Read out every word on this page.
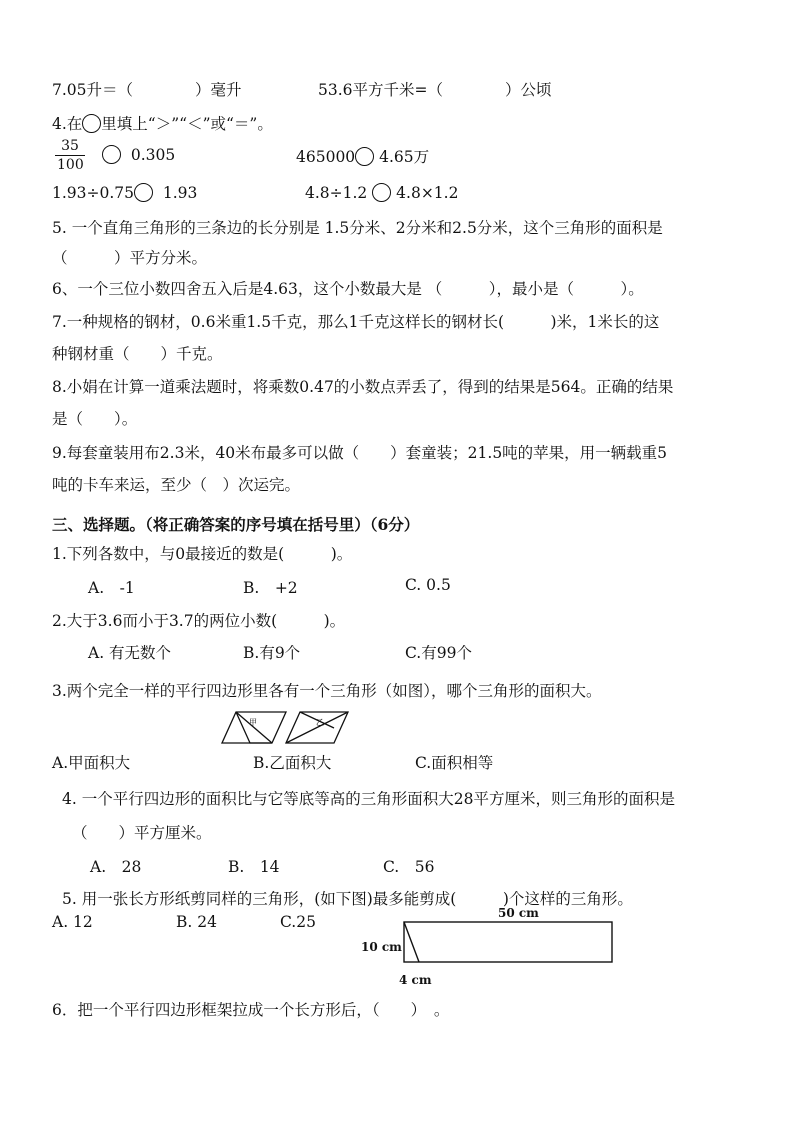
7.05升＝（　　　　）毫升	53.6平方千米=（　　　　）公顷
4.在 里填上“＞”“＜”或“＝”。
35
100
0.305	465000 4.65万
1.93÷0.75 1.93	4.8÷1.2 4.8×1.2
5. 一个直角三角形的三条边的长分别是 1.5分米、2分米和2.5分米，这个三角形的面积是
（　　　）平方分米。
6、一个三位小数四舍五入后是4.63，这个小数最大是 （　　　），最小是（　　　）。
7.一种规格的钢材，0.6米重1.5千克，那么1千克这样长的钢材长(　　　)米，1米长的这
种钢材重（　　）千克。
8.小娟在计算一道乘法题时，将乘数0.47的小数点弄丢了，得到的结果是564。正确的结果
是（　　）。
9.每套童装用布2.3米，40米布最多可以做（　　）套童装；21.5吨的苹果，用一辆载重5
吨的卡车来运，至少（　）次运完。
三、选择题。（将正确答案的序号填在括号里）（6分）
1.下列各数中，与0最接近的数是(　　　)。
A.　-1	B.　+2	C. 0.5
2.大于3.6而小于3.7的两位小数(　　　)。
A. 有无数个	B.有9个	C.有99个
3.两个完全一样的平行四边形里各有一个三角形（如图），哪个三角形的面积大。
甲	乙
A.甲面积大	B.乙面积大	C.面积相等
4. 一个平行四边形的面积比与它等底等高的三角形面积大28平方厘米，则三角形的面积是
（　　）平方厘米。
A.　28	B.　14	C.　56
5. 用一张长方形纸剪同样的三角形，(如下图)最多能剪成(　　　)个这样的三角形。
A. 12	B. 24	C.25	50 cm
10 cm
4 cm
6．把一个平行四边形框架拉成一个长方形后，（　　）　。
